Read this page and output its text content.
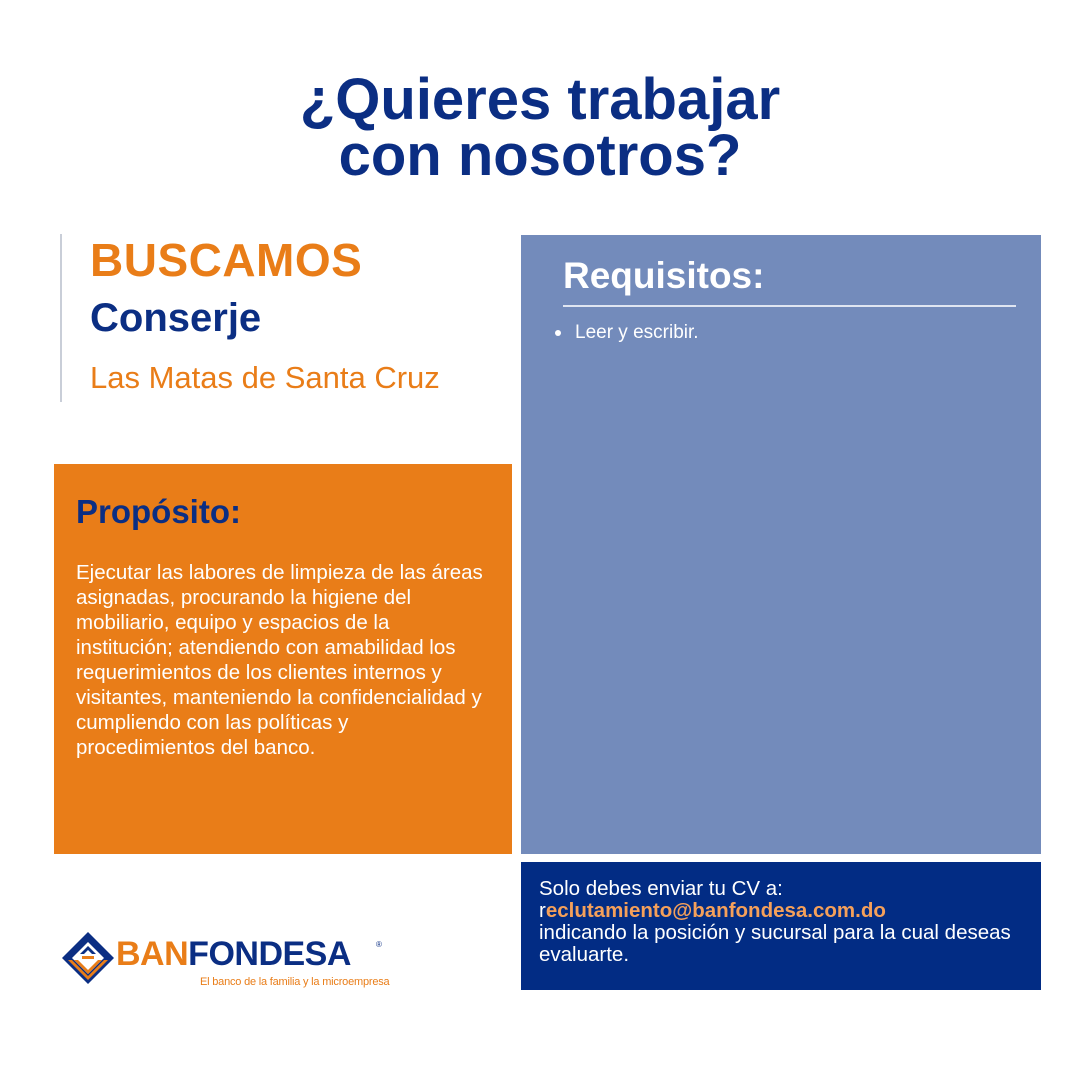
¿Quieres trabajar
con nosotros?
BUSCAMOS
Conserje
Las Matas de Santa Cruz
Propósito:
Ejecutar las labores de limpieza de las áreas asignadas, procurando la higiene del mobiliario, equipo y espacios de la institución; atendiendo con amabilidad los requerimientos de los clientes internos y visitantes, manteniendo la confidencialidad y cumpliendo con las políticas y procedimientos del banco.
Requisitos:
Leer y escribir.
Solo debes enviar tu CV a:
reclutamiento@banfondesa.com.do
indicando la posición y sucursal para la cual deseas evaluarte.
BANFONDESA	®
El banco de la familia y la microempresa
